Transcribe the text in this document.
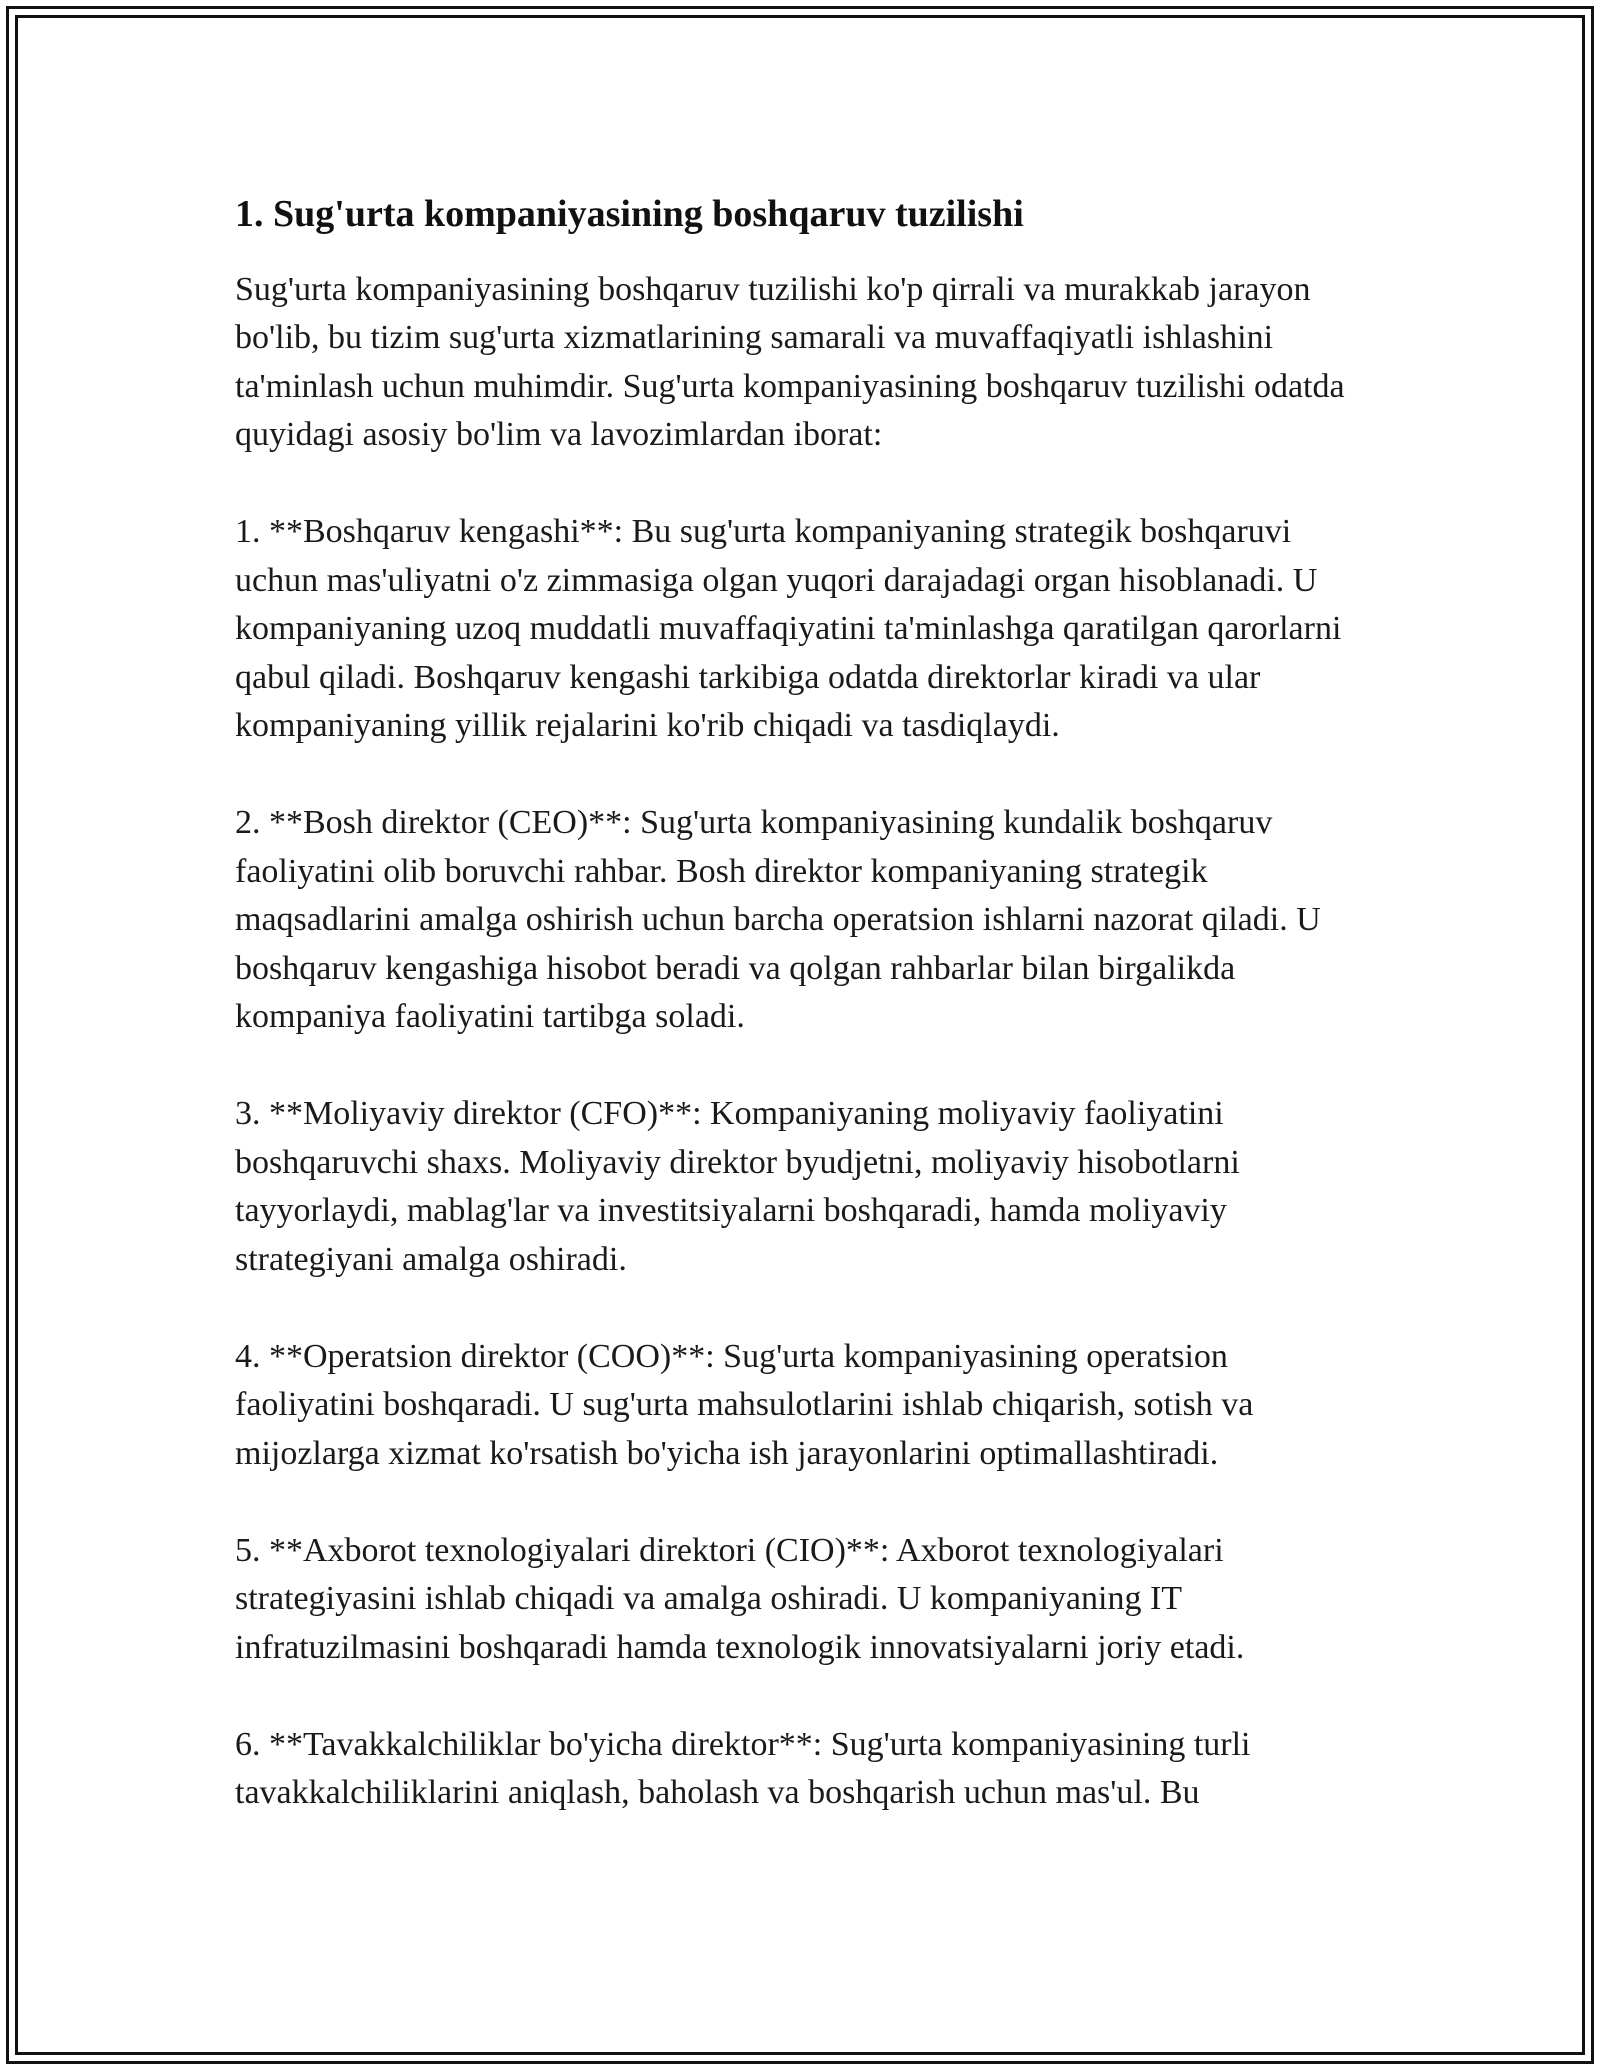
1. Sug'urta kompaniyasining boshqaruv tuzilishi

Sug'urta kompaniyasining boshqaruv tuzilishi ko'p qirrali va murakkab jarayon bo'lib, bu tizim sug'urta xizmatlarining samarali va muvaffaqiyatli ishlashini ta'minlash uchun muhimdir. Sug'urta kompaniyasining boshqaruv tuzilishi odatda quyidagi asosiy bo'lim va lavozimlardan iborat:

1. **Boshqaruv kengashi**: Bu sug'urta kompaniyaning strategik boshqaruvi uchun mas'uliyatni o'z zimmasiga olgan yuqori darajadagi organ hisoblanadi. U kompaniyaning uzoq muddatli muvaffaqiyatini ta'minlashga qaratilgan qarorlarni qabul qiladi. Boshqaruv kengashi tarkibiga odatda direktorlar kiradi va ular kompaniyaning yillik rejalarini ko'rib chiqadi va tasdiqlaydi.

2. **Bosh direktor (CEO)**: Sug'urta kompaniyasining kundalik boshqaruv faoliyatini olib boruvchi rahbar. Bosh direktor kompaniyaning strategik maqsadlarini amalga oshirish uchun barcha operatsion ishlarni nazorat qiladi. U boshqaruv kengashiga hisobot beradi va qolgan rahbarlar bilan birgalikda kompaniya faoliyatini tartibga soladi.

3. **Moliyaviy direktor (CFO)**: Kompaniyaning moliyaviy faoliyatini boshqaruvchi shaxs. Moliyaviy direktor byudjetni, moliyaviy hisobotlarni tayyorlaydi, mablag'lar va investitsiyalarni boshqaradi, hamda moliyaviy strategiyani amalga oshiradi.

4. **Operatsion direktor (COO)**: Sug'urta kompaniyasining operatsion faoliyatini boshqaradi. U sug'urta mahsulotlarini ishlab chiqarish, sotish va mijozlarga xizmat ko'rsatish bo'yicha ish jarayonlarini optimallashtiradi.

5. **Axborot texnologiyalari direktori (CIO)**: Axborot texnologiyalari strategiyasini ishlab chiqadi va amalga oshiradi. U kompaniyaning IT infratuzilmasini boshqaradi hamda texnologik innovatsiyalarni joriy etadi.

6. **Tavakkalchiliklar bo'yicha direktor**: Sug'urta kompaniyasining turli tavakkalchiliklarini aniqlash, baholash va boshqarish uchun mas'ul. Bu
